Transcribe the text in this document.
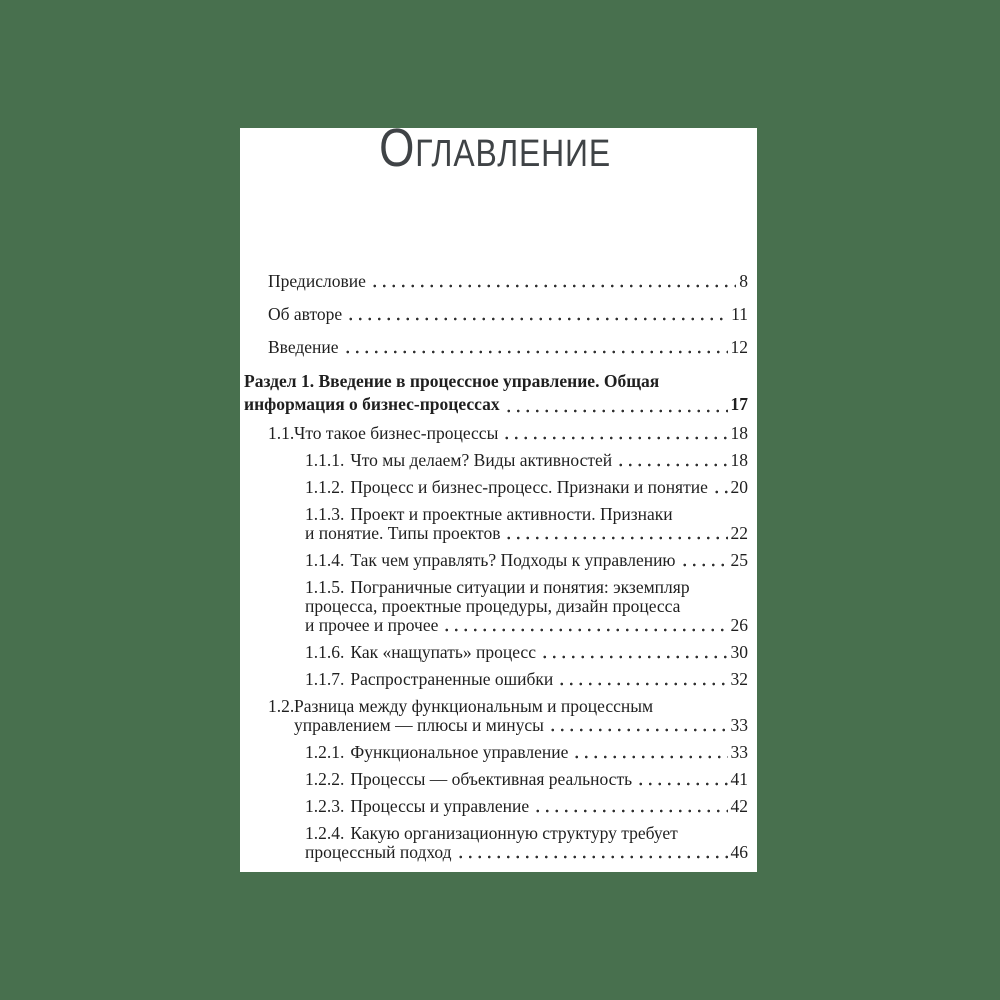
Оглавление
Предисловие	8
Об авторе	11
Введение	12
Раздел 1. Введение в процессное управление. Общая
информация о бизнес-процессах	17
1.1. Что такое бизнес-процессы	18
1.1.1. Что мы делаем? Виды активностей	18
1.1.2. Процесс и бизнес-процесс. Признаки и понятие 20
1.1.3. Проект и проектные активности. Признаки
и понятие. Типы проектов	22
1.1.4. Так чем управлять? Подходы к управлению	25
1.1.5. Пограничные ситуации и понятия: экземпляр
процесса, проектные процедуры, дизайн процесса
и прочее и прочее	26
1.1.6. Как «нащупать» процесс	30
1.1.7. Распространенные ошибки	32
1.2.Разница между функциональным и процессным
управлением — плюсы и минусы	33
1.2.1. Функциональное управление	33
1.2.2. Процессы — объективная реальность	41
1.2.3. Процессы и управление	42
1.2.4. Какую организационную структуру требует
процессный подход	46
